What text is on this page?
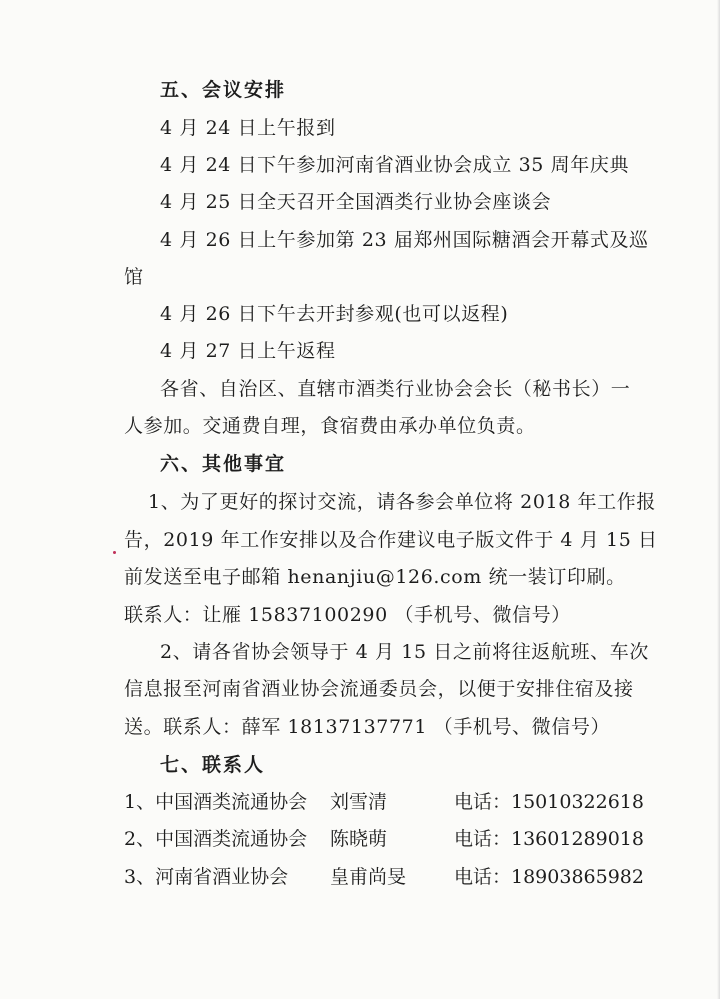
五、会议安排
4 月 24 日上午报到
4 月 24 日下午参加河南省酒业协会成立 35 周年庆典
4 月 25 日全天召开全国酒类行业协会座谈会
4 月 26 日上午参加第 23 届郑州国际糖酒会开幕式及巡
馆
4 月 26 日下午去开封参观(也可以返程)
4 月 27 日上午返程
各省、自治区、直辖市酒类行业协会会长（秘书长）一
人参加。交通费自理，食宿费由承办单位负责。
六、其他事宜
1、为了更好的探讨交流，请各参会单位将 2018 年工作报
告，2019 年工作安排以及合作建议电子版文件于 4 月 15 日
前发送至电子邮箱 henanjiu@126.com 统一装订印刷。
联系人：让雁 15837100290 （手机号、微信号）
2、请各省协会领导于 4 月 15 日之前将往返航班、车次
信息报至河南省酒业协会流通委员会，以便于安排住宿及接
送。联系人：薛军 18137137771 （手机号、微信号）
七、联系人
1、中国酒类流通协会 刘雪清	电话：15010322618
2、中国酒类流通协会 陈晓萌	电话：13601289018
3、河南省酒业协会 皇甫尚旻	电话：18903865982
